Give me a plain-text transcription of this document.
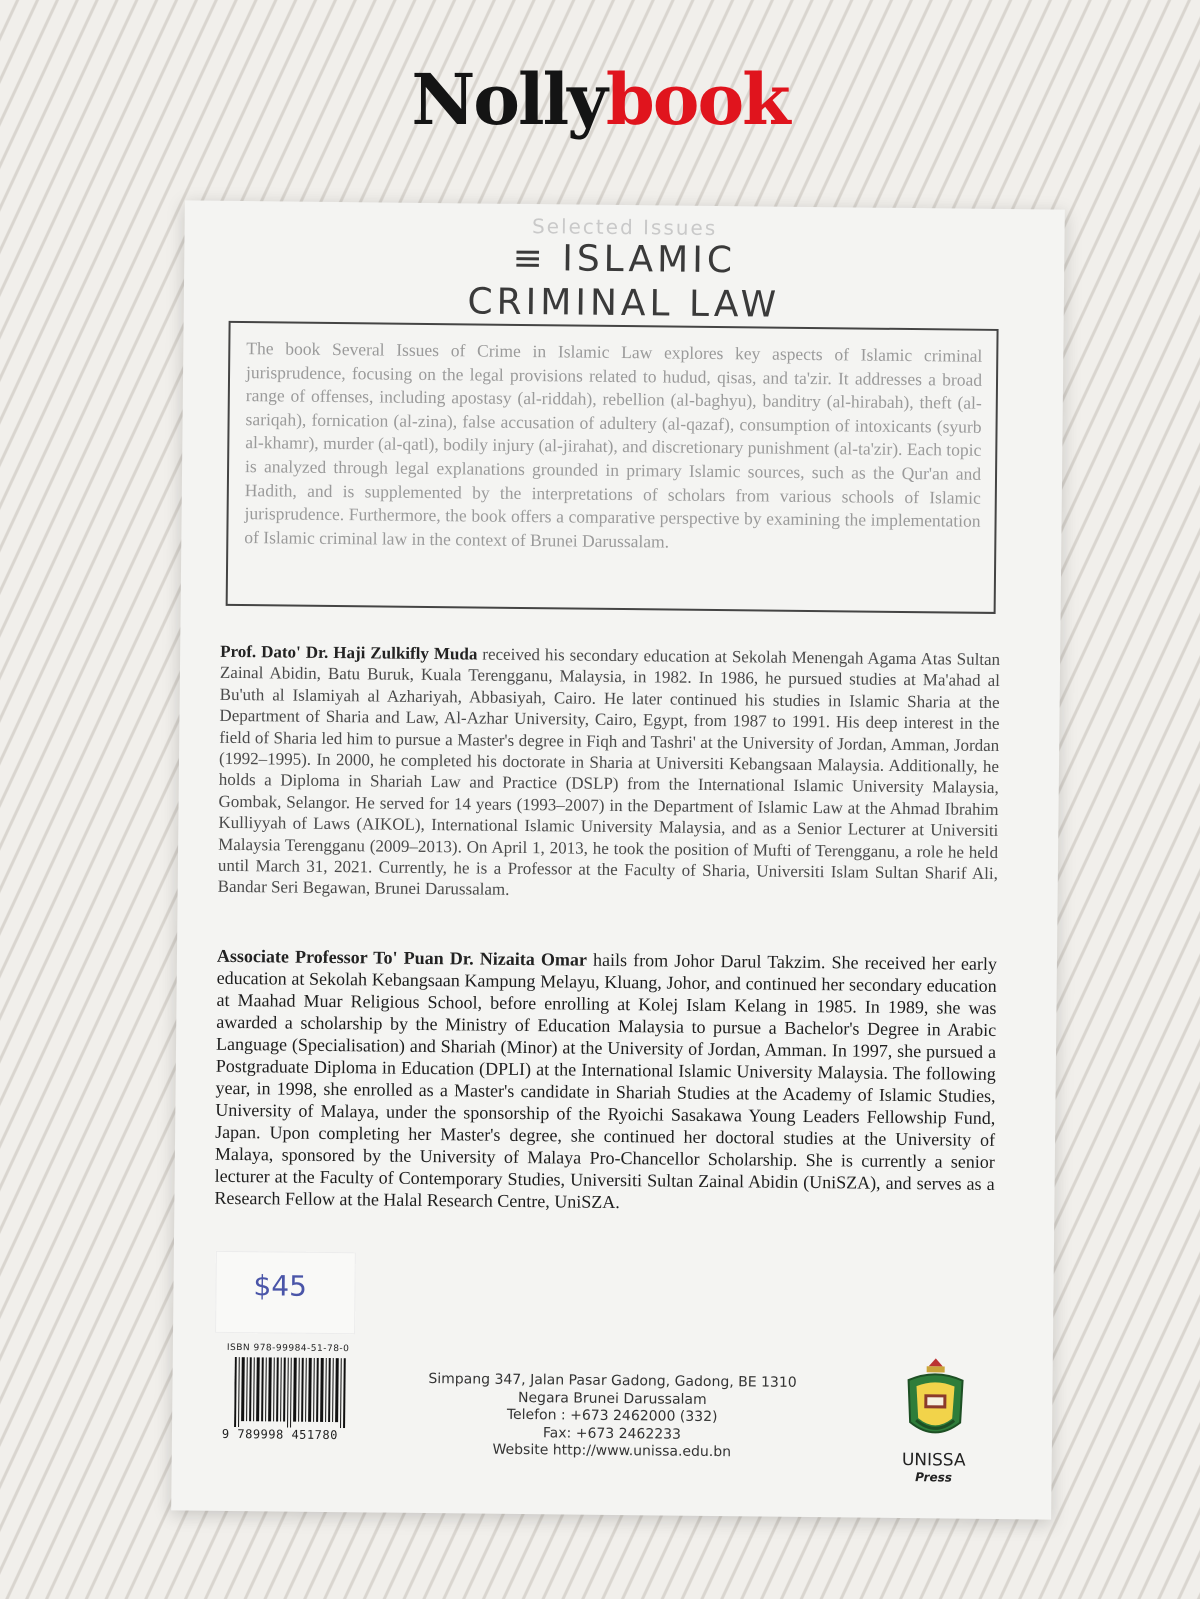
Nollybook
Selected Issues
≡ ISLAMIC
CRIMINAL LAW
The book Several Issues of Crime in Islamic Law explores key aspects of Islamic criminal jurisprudence, focusing on the legal provisions related to hudud, qisas, and ta'zir. It addresses a broad range of offenses, including apostasy (al-riddah), rebellion (al-baghyu), banditry (al-hirabah), theft (al-sariqah), fornication (al-zina), false accusation of adultery (al-qazaf), consumption of intoxicants (syurb al-khamr), murder (al-qatl), bodily injury (al-jirahat), and discretionary punishment (al-ta'zir). Each topic is analyzed through legal explanations grounded in primary Islamic sources, such as the Qur'an and Hadith, and is supplemented by the interpretations of scholars from various schools of Islamic jurisprudence. Furthermore, the book offers a comparative perspective by examining the implementation of Islamic criminal law in the context of Brunei Darussalam.
Prof. Dato' Dr. Haji Zulkifly Muda received his secondary education at Sekolah Menengah Agama Atas Sultan Zainal Abidin, Batu Buruk, Kuala Terengganu, Malaysia, in 1982. In 1986, he pursued studies at Ma'ahad al Bu'uth al Islamiyah al Azhariyah, Abbasiyah, Cairo. He later continued his studies in Islamic Sharia at the Department of Sharia and Law, Al-Azhar University, Cairo, Egypt, from 1987 to 1991. His deep interest in the field of Sharia led him to pursue a Master's degree in Fiqh and Tashri' at the University of Jordan, Amman, Jordan (1992–1995). In 2000, he completed his doctorate in Sharia at Universiti Kebangsaan Malaysia. Additionally, he holds a Diploma in Shariah Law and Practice (DSLP) from the International Islamic University Malaysia, Gombak, Selangor. He served for 14 years (1993–2007) in the Department of Islamic Law at the Ahmad Ibrahim Kulliyyah of Laws (AIKOL), International Islamic University Malaysia, and as a Senior Lecturer at Universiti Malaysia Terengganu (2009–2013). On April 1, 2013, he took the position of Mufti of Terengganu, a role he held until March 31, 2021. Currently, he is a Professor at the Faculty of Sharia, Universiti Islam Sultan Sharif Ali, Bandar Seri Begawan, Brunei Darussalam.
Associate Professor To' Puan Dr. Nizaita Omar hails from Johor Darul Takzim. She received her early education at Sekolah Kebangsaan Kampung Melayu, Kluang, Johor, and continued her secondary education at Maahad Muar Religious School, before enrolling at Kolej Islam Kelang in 1985. In 1989, she was awarded a scholarship by the Ministry of Education Malaysia to pursue a Bachelor's Degree in Arabic Language (Specialisation) and Shariah (Minor) at the University of Jordan, Amman. In 1997, she pursued a Postgraduate Diploma in Education (DPLI) at the International Islamic University Malaysia. The following year, in 1998, she enrolled as a Master's candidate in Shariah Studies at the Academy of Islamic Studies, University of Malaya, under the sponsorship of the Ryoichi Sasakawa Young Leaders Fellowship Fund, Japan. Upon completing her Master's degree, she continued her doctoral studies at the University of Malaya, sponsored by the University of Malaya Pro-Chancellor Scholarship. She is currently a senior lecturer at the Faculty of Contemporary Studies, Universiti Sultan Zainal Abidin (UniSZA), and serves as a Research Fellow at the Halal Research Centre, UniSZA.
$45
ISBN 978-99984-51-78-0
9 789998 451780
Simpang 347, Jalan Pasar Gadong, Gadong, BE 1310
Negara Brunei Darussalam
Telefon : +673 2462000 (332)
Fax: +673 2462233
Website http://www.unissa.edu.bn	UNISSA
Press
